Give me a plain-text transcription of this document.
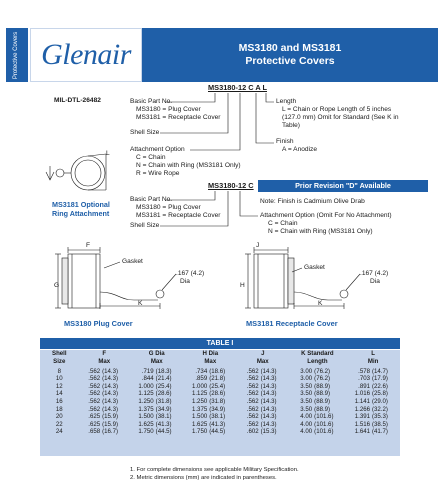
Protective Covers Glenair	MS3180 and MS3181
Protective Covers
MIL-DTL-26482
MS3180-12 C A L
Basic Part No.
MS3180 = Plug Cover
MS3181 = Receptacle Cover
Shell Size
Attachment Option
C = Chain
N = Chain with Ring (MS3181 Only)
R = Wire Rope
Length
L = Chain or Rope Length of 5 inches
(127.0 mm) Omit for Standard (See K in
Table)
Finish
A = Anodize
MS3181 Optional
Ring Attachment
L
Prior Revision "D" Available
MS3180-12 C
Basic Part No.
MS3180 = Plug Cover
MS3181 = Receptacle Cover
Shell Size
Note: Finish is Cadmium Olive Drab
Attachment Option (Omit For No Attachment)
C = Chain
N = Chain with Ring (MS3181 Only)
Gasket
.167 (4.2)
Dia
F
G
K
MS3180 Plug Cover
Gasket
.167 (4.2)
Dia
J
H
K
MS3181 Receptacle Cover
TABLE I
Shell	F		G Dia		H Dia		J		K Standard		L	
Size	Max		Max		Max		Max		Length		Min	
8	.562	(14.3)	.719	(18.3)	.734	(18.6)	.562	(14.3)	3.00	(76.2)	.578	(14.7)
10	.562	(14.3)	.844	(21.4)	.859	(21.8)	.562	(14.3)	3.00	(76.2)	.703	(17.9)
12	.562	(14.3)	1.000	(25.4)	1.000	(25.4)	.562	(14.3)	3.50	(88.9)	.891	(22.6)
14	.562	(14.3)	1.125	(28.6)	1.125	(28.6)	.562	(14.3)	3.50	(88.9)	1.016	(25.8)
16	.562	(14.3)	1.250	(31.8)	1.250	(31.8)	.562	(14.3)	3.50	(88.9)	1.141	(29.0)
18	.562	(14.3)	1.375	(34.9)	1.375	(34.9)	.562	(14.3)	3.50	(88.9)	1.266	(32.2)
20	.625	(15.9)	1.500	(38.1)	1.500	(38.1)	.562	(14.3)	4.00	(101.6)	1.391	(35.3)
22	.625	(15.9)	1.625	(41.3)	1.625	(41.3)	.562	(14.3)	4.00	(101.6)	1.516	(38.5)
24	.658	(16.7)	1.750	(44.5)	1.750	(44.5)	.602	(15.3)	4.00	(101.6)	1.641	(41.7)
1. For complete dimensions see applicable Military Specification.
2. Metric dimensions (mm) are indicated in parentheses.
